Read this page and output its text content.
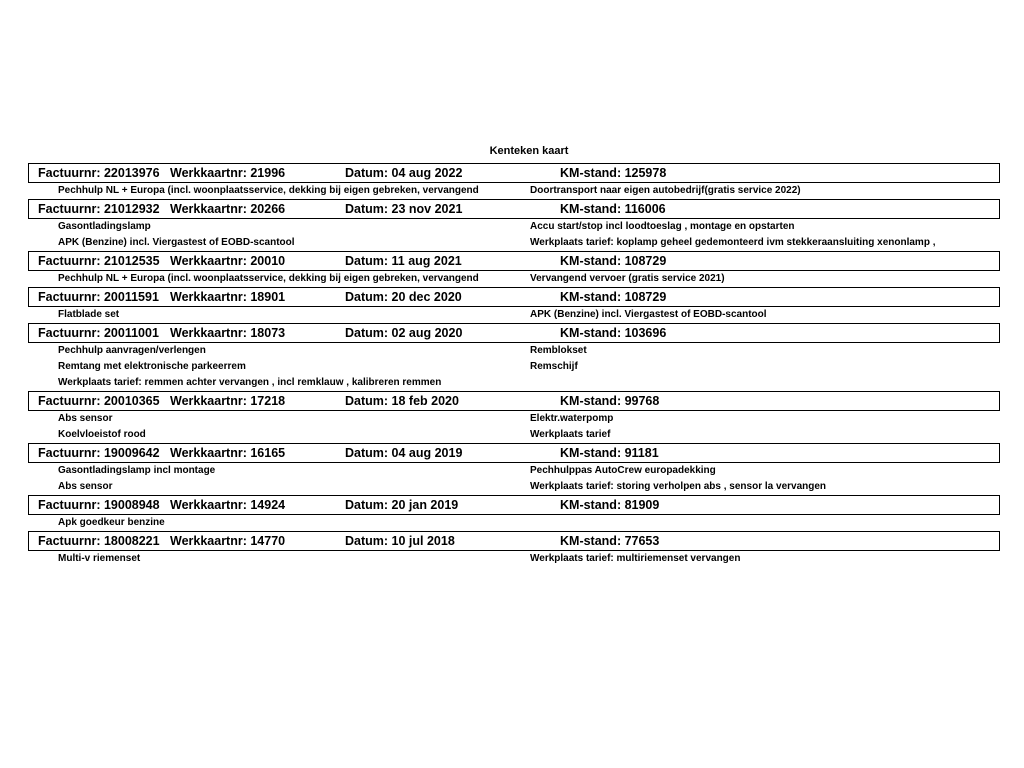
Kenteken kaart
Factuurnr: 22013976 Werkkaartnr: 21996	Datum: 04 aug 2022	KM-stand: 125978
Pechhulp NL + Europa (incl. woonplaatsservice, dekking bij eigen gebreken, vervangend	Doortransport naar eigen autobedrijf(gratis service 2022)
Factuurnr: 21012932 Werkkaartnr: 20266	Datum: 23 nov 2021	KM-stand: 116006
Gasontladingslamp	Accu start/stop incl loodtoeslag , montage en opstarten
APK (Benzine) incl. Viergastest of EOBD-scantool	Werkplaats tarief: koplamp geheel gedemonteerd ivm stekkeraansluiting xenonlamp ,
Factuurnr: 21012535 Werkkaartnr: 20010	Datum: 11 aug 2021	KM-stand: 108729
Pechhulp NL + Europa (incl. woonplaatsservice, dekking bij eigen gebreken, vervangend	Vervangend vervoer (gratis service 2021)
Factuurnr: 20011591 Werkkaartnr: 18901	Datum: 20 dec 2020	KM-stand: 108729
Flatblade set	APK (Benzine) incl. Viergastest of EOBD-scantool
Factuurnr: 20011001 Werkkaartnr: 18073	Datum: 02 aug 2020	KM-stand: 103696
Pechhulp aanvragen/verlengen	Remblokset
Remtang met elektronische parkeerrem	Remschijf
Werkplaats tarief: remmen achter vervangen , incl remklauw , kalibreren remmen
Factuurnr: 20010365 Werkkaartnr: 17218	Datum: 18 feb 2020	KM-stand: 99768
Abs sensor	Elektr.waterpomp
Koelvloeistof rood	Werkplaats tarief
Factuurnr: 19009642 Werkkaartnr: 16165	Datum: 04 aug 2019	KM-stand: 91181
Gasontladingslamp incl montage	Pechhulppas AutoCrew europadekking
Abs sensor	Werkplaats tarief: storing verholpen abs , sensor la vervangen
Factuurnr: 19008948 Werkkaartnr: 14924	Datum: 20 jan 2019	KM-stand: 81909
Apk goedkeur benzine
Factuurnr: 18008221 Werkkaartnr: 14770	Datum: 10 jul 2018	KM-stand: 77653
Multi-v riemenset	Werkplaats tarief: multiriemenset vervangen
